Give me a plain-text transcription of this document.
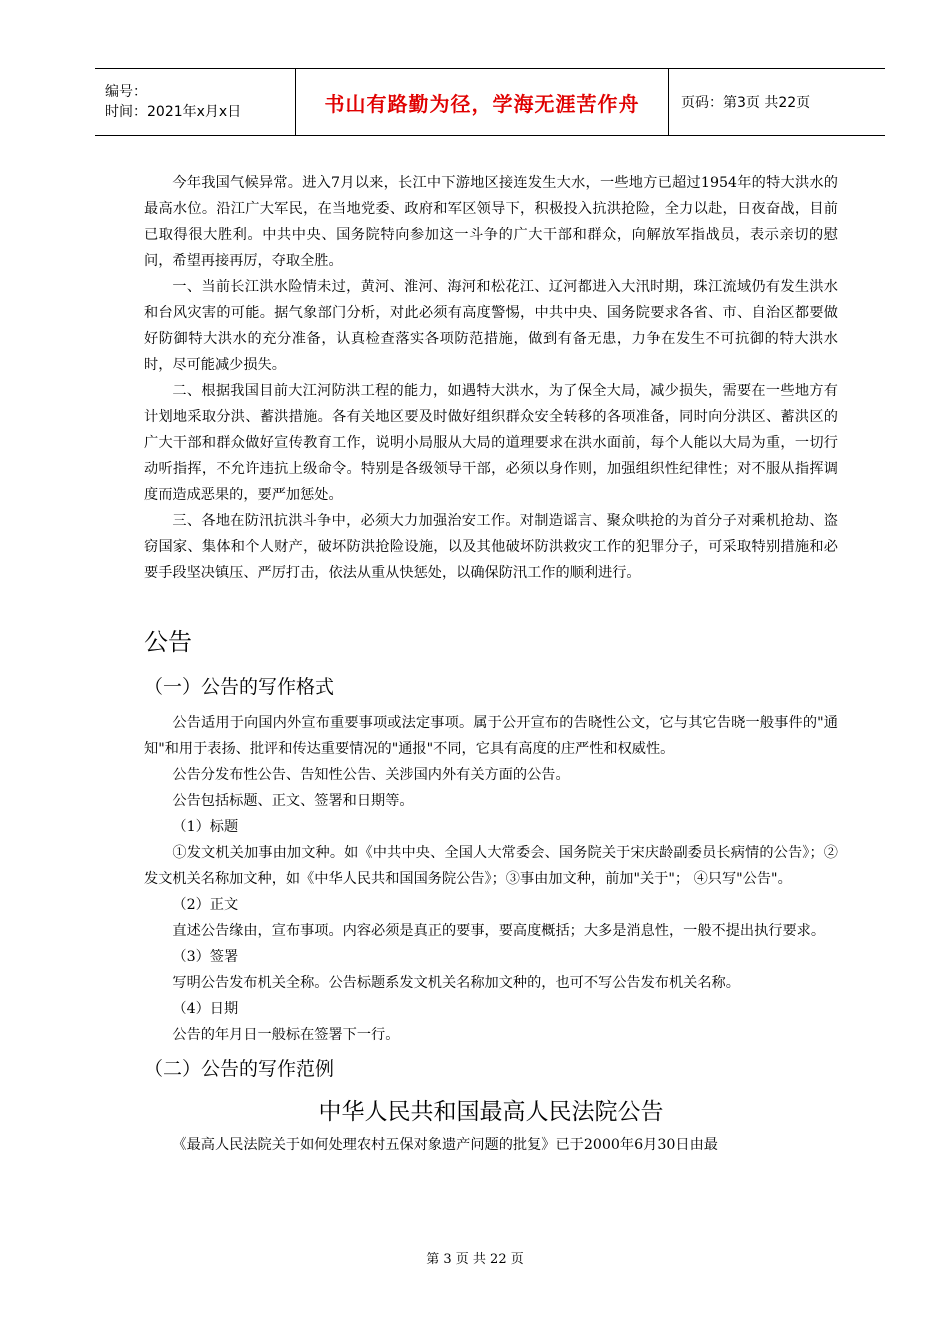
编号：
时间：2021年x月x日	书山有路勤为径，学海无涯苦作舟	页码：第3页 共22页

今年我国气候异常。进入7月以来，长江中下游地区接连发生大水，一些地方已超过1954年的特大洪水的最高水位。沿江广大军民，在当地党委、政府和军区领导下，积极投入抗洪抢险，全力以赴，日夜奋战，目前已取得很大胜利。中共中央、国务院特向参加这一斗争的广大干部和群众，向解放军指战员，表示亲切的慰问，希望再接再厉，夺取全胜。

一、当前长江洪水险情未过，黄河、淮河、海河和松花江、辽河都进入大汛时期，珠江流域仍有发生洪水和台风灾害的可能。据气象部门分析，对此必须有高度警惕，中共中央、国务院要求各省、市、自治区都要做好防御特大洪水的充分准备，认真检查落实各项防范措施，做到有备无患，力争在发生不可抗御的特大洪水时，尽可能减少损失。

二、根据我国目前大江河防洪工程的能力，如遇特大洪水，为了保全大局，减少损失，需要在一些地方有计划地采取分洪、蓄洪措施。各有关地区要及时做好组织群众安全转移的各项准备，同时向分洪区、蓄洪区的广大干部和群众做好宣传教育工作，说明小局服从大局的道理要求在洪水面前，每个人能以大局为重，一切行动听指挥，不允许违抗上级命令。特别是各级领导干部，必须以身作则，加强组织性纪律性；对不服从指挥调度而造成恶果的，要严加惩处。

三、各地在防汛抗洪斗争中，必须大力加强治安工作。对制造谣言、聚众哄抢的为首分子对乘机抢劫、盗窃国家、集体和个人财产，破坏防洪抢险设施，以及其他破坏防洪救灾工作的犯罪分子，可采取特别措施和必要手段坚决镇压、严厉打击，依法从重从快惩处，以确保防汛工作的顺利进行。

公告
（一）公告的写作格式

公告适用于向国内外宣布重要事项或法定事项。属于公开宣布的告晓性公文，它与其它告晓一般事件的"通知"和用于表扬、批评和传达重要情况的"通报"不同，它具有高度的庄严性和权威性。

公告分发布性公告、告知性公告、关涉国内外有关方面的公告。

公告包括标题、正文、签署和日期等。

（1）标题

①发文机关加事由加文种。如《中共中央、全国人大常委会、国务院关于宋庆龄副委员长病情的公告》；②发文机关名称加文种，如《中华人民共和国国务院公告》；③事由加文种，前加"关于"； ④只写"公告"。

（2）正文

直述公告缘由，宣布事项。内容必须是真正的要事，要高度概括；大多是消息性，一般不提出执行要求。

（3）签署

写明公告发布机关全称。公告标题系发文机关名称加文种的，也可不写公告发布机关名称。

（4）日期

公告的年月日一般标在签署下一行。

（二）公告的写作范例
中华人民共和国最高人民法院公告

《最高人民法院关于如何处理农村五保对象遗产问题的批复》已于2000年6月30日由最

第 3 页 共 22 页
